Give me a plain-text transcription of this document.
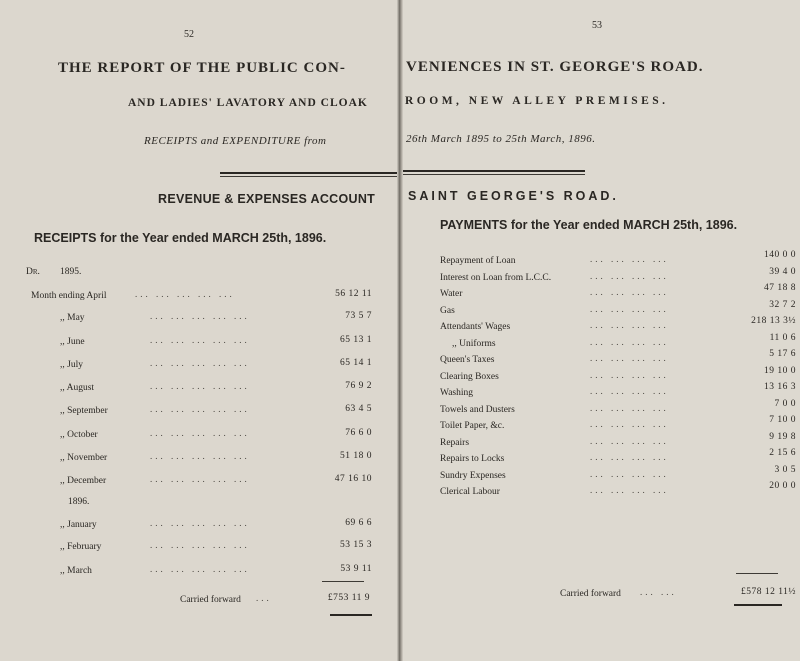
52
53
THE REPORT OF THE PUBLIC CON-	VENIENCES IN ST. GEORGE'S ROAD.
AND LADIES' LAVATORY AND CLOAK	ROOM, NEW ALLEY PREMISES.
RECEIPTS and EXPENDITURE from	26th March 1895 to 25th March, 1896.
REVENUE & EXPENSES ACCOUNT	SAINT GEORGE'S ROAD.
RECEIPTS for the Year ended MARCH 25th, 1896.
PAYMENTS for the Year ended MARCH 25th, 1896.
Dr. 1895.
Month ending April	... ... ... ... ...	56 12 11
,, May	... ... ... ... ...	73 5 7
,, June	... ... ... ... ...	65 13 1
,, July	... ... ... ... ...	65 14 1
,, August	... ... ... ... ...	76 9 2
,, September	... ... ... ... ...	63 4 5
,, October	... ... ... ... ...	76 6 0
,, November	... ... ... ... ...	51 18 0
,, December	... ... ... ... ...	47 16 10
,, January	... ... ... ... ...	69 6 6
,, February	... ... ... ... ...	53 15 3
,, March	... ... ... ... ...	53 9 11
1896.
Carried forward ...	£753 11 9
Repayment of Loan	... ... ... ...	140 0 0
Interest on Loan from L.C.C.	... ... ... ...	39 4 0
Water	... ... ... ...	47 18 8
Gas	... ... ... ...	32 7 2
Attendants' Wages	... ... ... ...	218 13 3½
,, Uniforms	... ... ... ...	11 0 6
Queen's Taxes	... ... ... ...	5 17 6
Clearing Boxes	... ... ... ...	19 10 0
Washing	... ... ... ...	13 16 3
Towels and Dusters	... ... ... ...	7 0 0
Toilet Paper, &c.	... ... ... ...	7 10 0
Repairs	... ... ... ...	9 19 8
Repairs to Locks	... ... ... ...	2 15 6
Sundry Expenses	... ... ... ...	3 0 5
Clerical Labour	... ... ... ...	20 0 0
Carried forward ... ...	£578 12 11½
